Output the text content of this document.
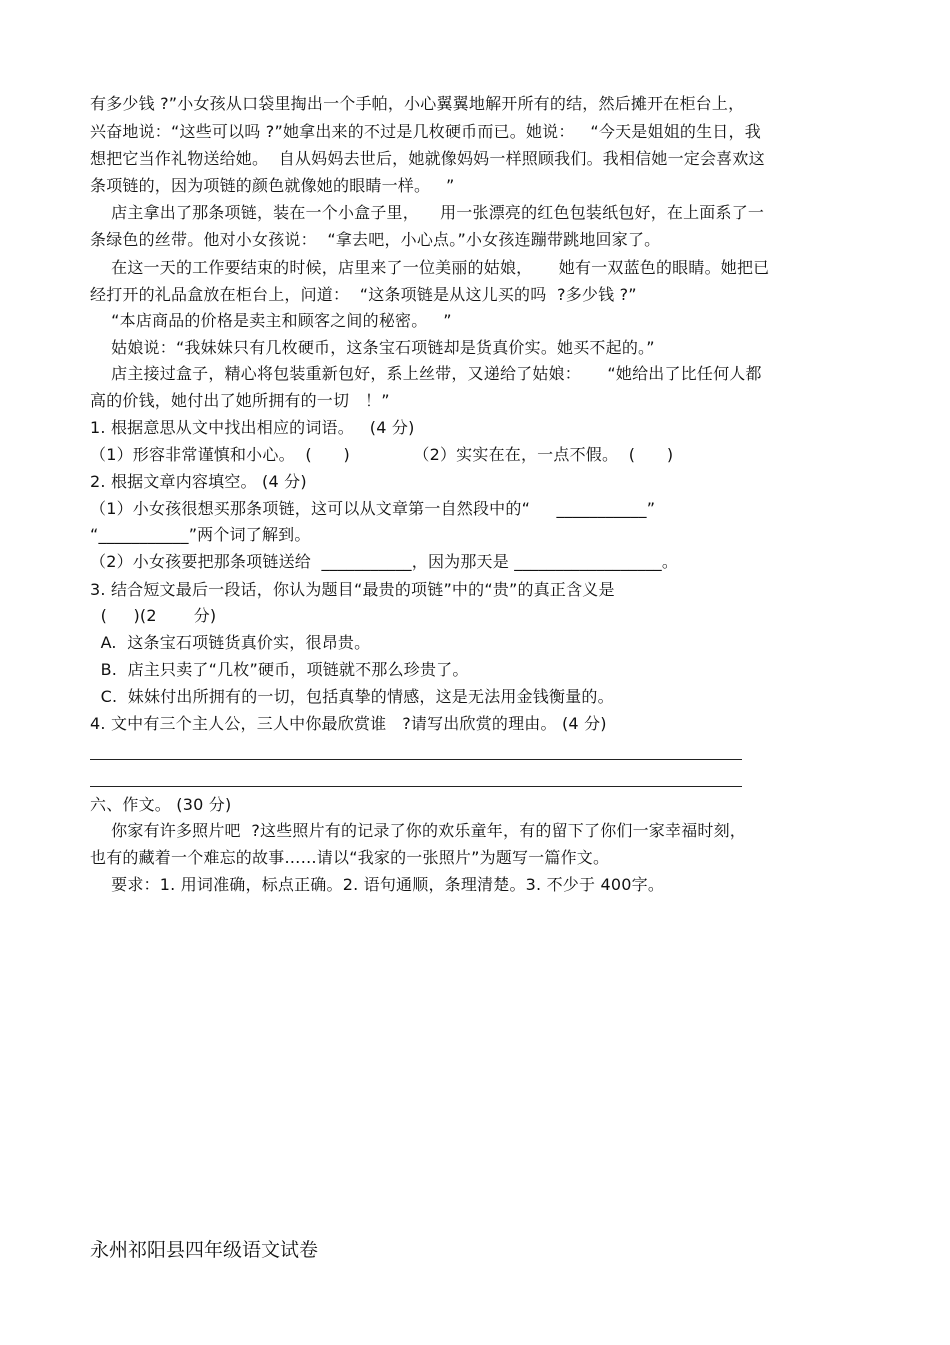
有多少钱 ?”小女孩从口袋里掏出一个手帕，小心翼翼地解开所有的结，然后摊开在柜台上，
兴奋地说：“这些可以吗 ?”她拿出来的不过是几枚硬币而已。她说：   “今天是姐姐的生日，我
想把它当作礼物送给她。  自从妈妈去世后，她就像妈妈一样照顾我们。我相信她一定会喜欢这
条项链的，因为项链的颜色就像她的眼睛一样。   ”
店主拿出了那条项链，装在一个小盒子里，    用一张漂亮的红色包装纸包好，在上面系了一
条绿色的丝带。他对小女孩说：  “拿去吧，小心点。”小女孩连蹦带跳地回家了。
在这一天的工作要结束的时候，店里来了一位美丽的姑娘，     她有一双蓝色的眼睛。她把已
经打开的礼品盒放在柜台上，问道：  “这条项链是从这儿买的吗  ?多少钱 ?”
“本店商品的价格是卖主和顾客之间的秘密。   ”
姑娘说：“我妹妹只有几枚硬币，这条宝石项链却是货真价实。她买不起的。”
店主接过盒子，精心将包装重新包好，系上丝带，又递给了姑娘：     “她给出了比任何人都
高的价钱，她付出了她所拥有的一切   ！”
1. 根据意思从文中找出相应的词语。   (4 分)
（1）形容非常谨慎和小心。  (      )            （2）实实在在，一点不假。  (      )
2. 根据文章内容填空。 (4 分)
（1）小女孩很想买那条项链，这可以从文章第一自然段中的“     ___________”
“___________”两个词了解到。
（2）小女孩要把那条项链送给  ___________，因为那天是 __________________。
3. 结合短文最后一段话，你认为题目“最贵的项链”中的“贵”的真正含义是
(     )(2       分)
A.  这条宝石项链货真价实，很昂贵。
B.  店主只卖了“几枚”硬币，项链就不那么珍贵了。
C.  妹妹付出所拥有的一切，包括真挚的情感，这是无法用金钱衡量的。
4. 文中有三个主人公，三人中你最欣赏谁   ?请写出欣赏的理由。 (4 分)
六、作文。 (30 分)
你家有许多照片吧  ?这些照片有的记录了你的欢乐童年，有的留下了你们一家幸福时刻，
也有的藏着一个难忘的故事……请以“我家的一张照片”为题写一篇作文。
要求：1. 用词准确，标点正确。2. 语句通顺，条理清楚。3. 不少于 400字。
永州祁阳县四年级语文试卷
